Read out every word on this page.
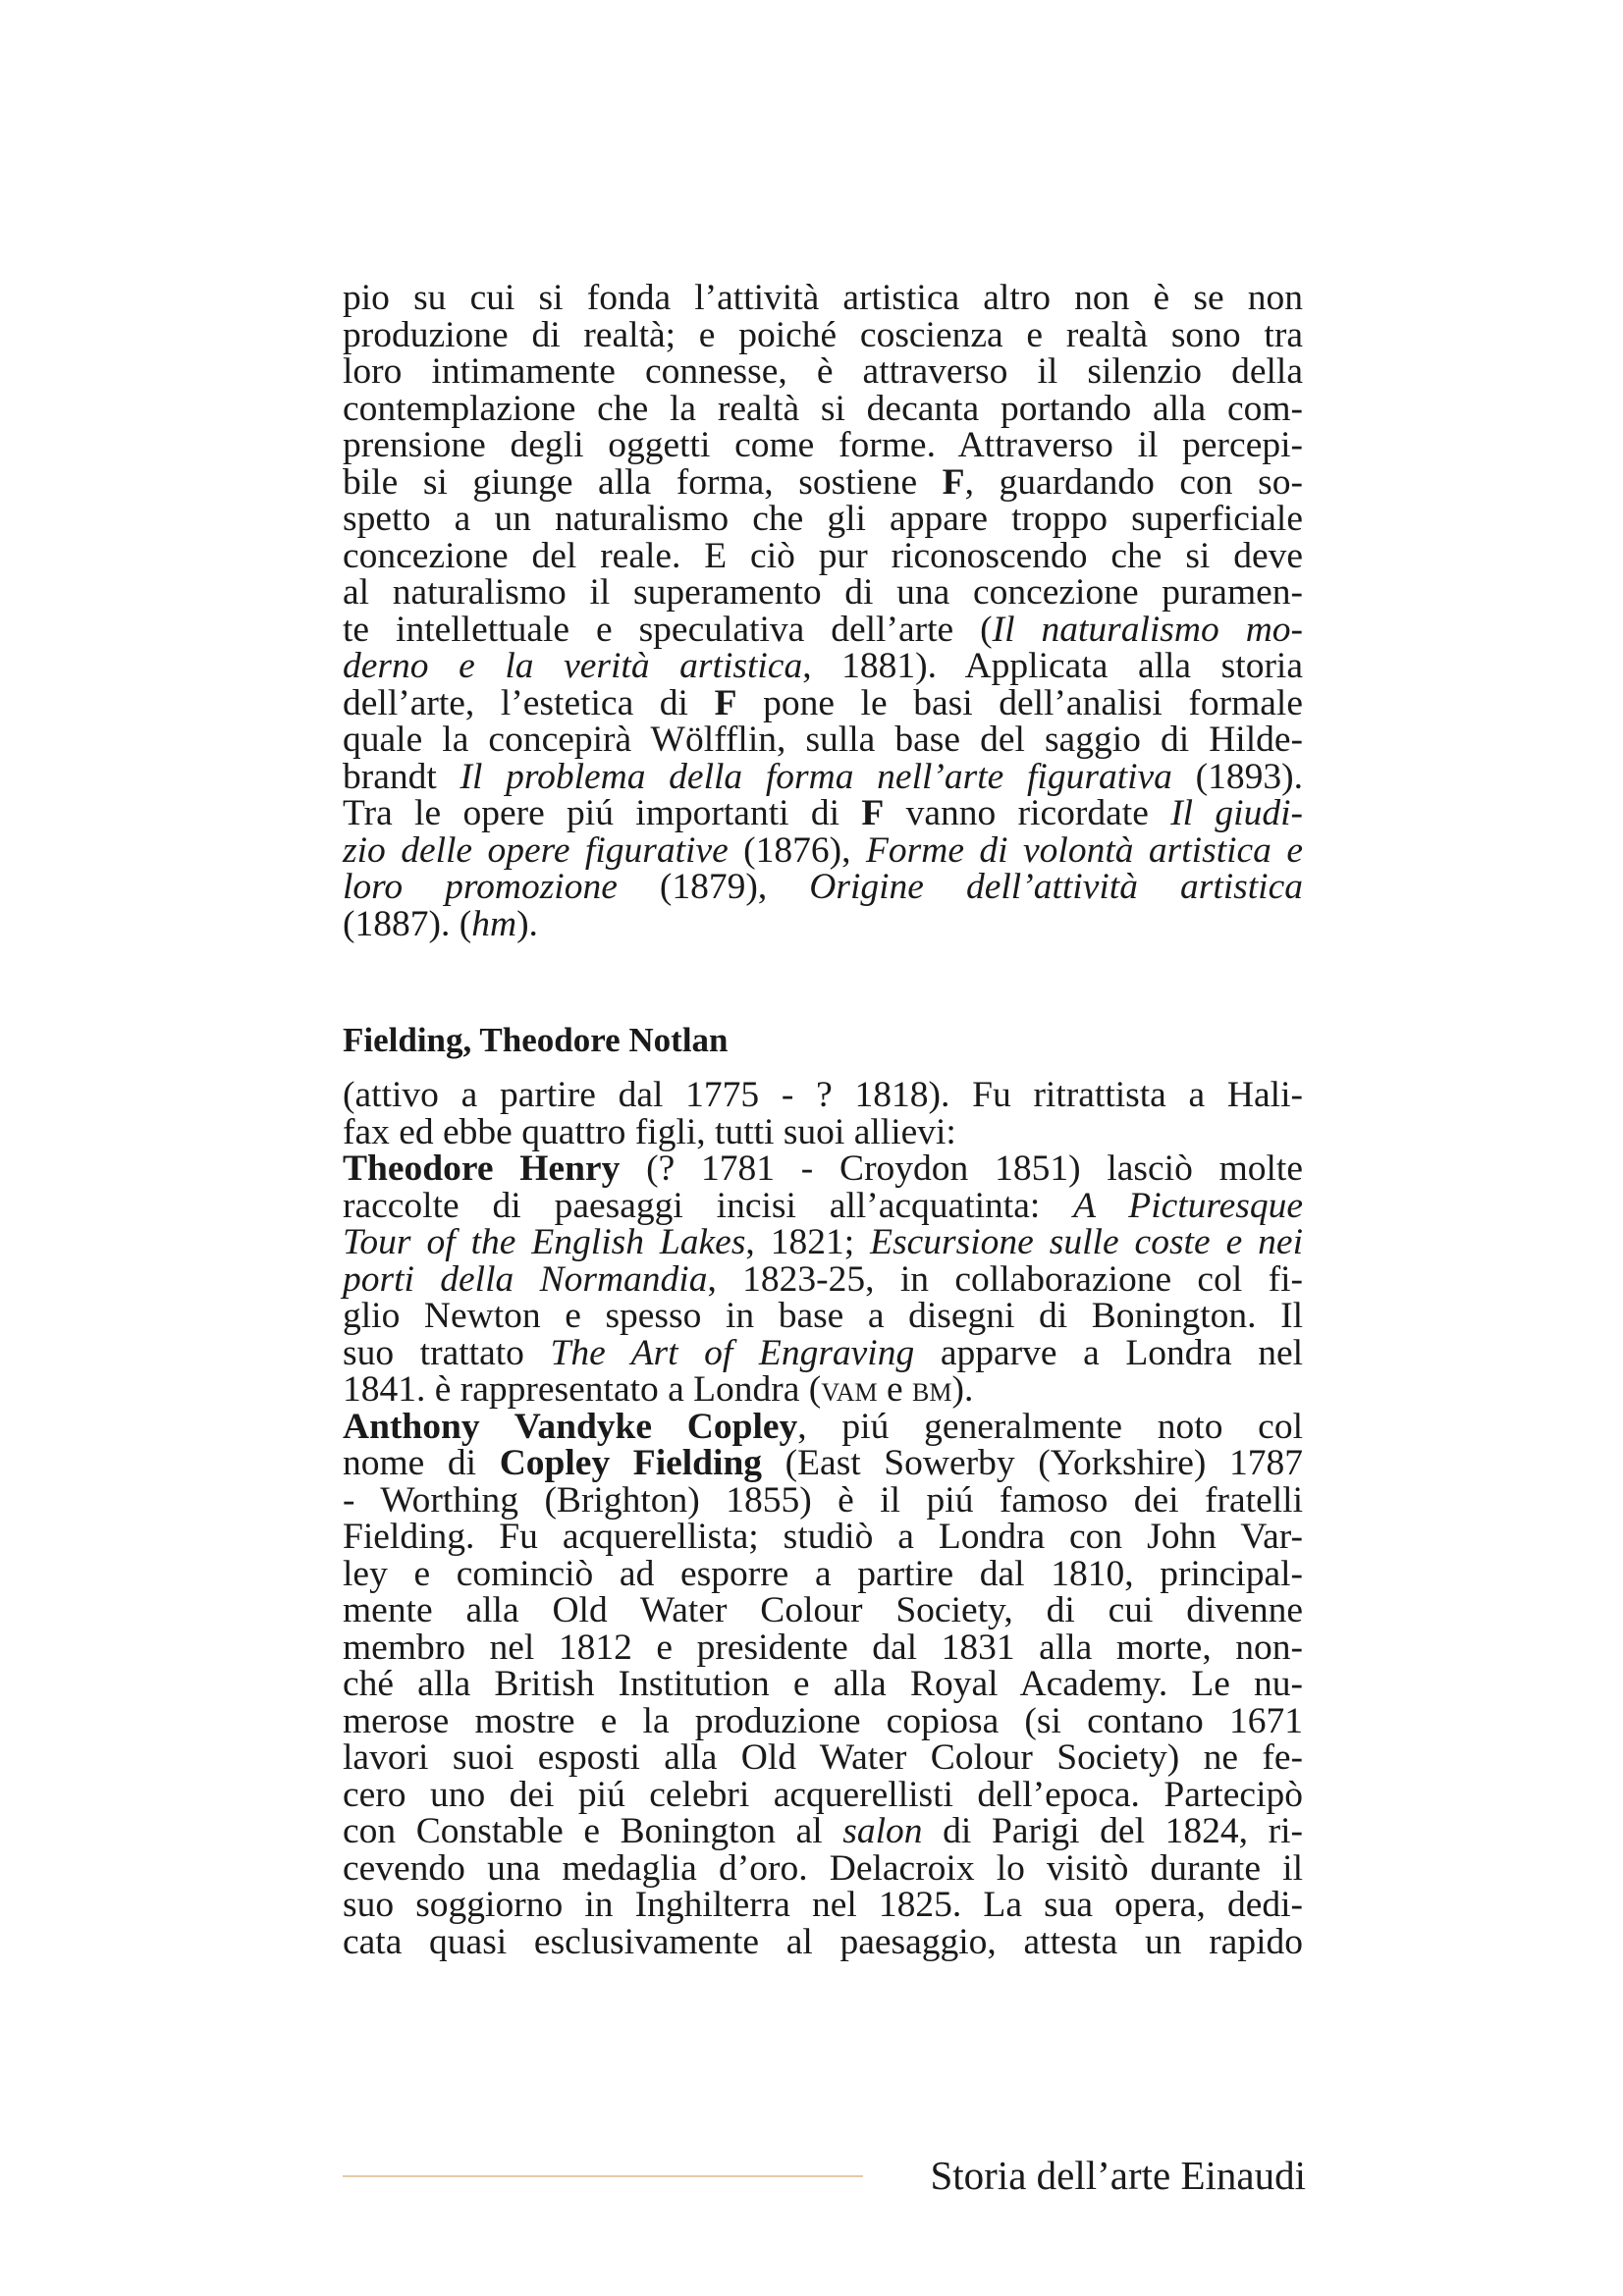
pio su cui si fonda l’attività artistica altro non è se non
produzione di realtà; e poiché coscienza e realtà sono tra
loro intimamente connesse, è attraverso il silenzio della
contemplazione che la realtà si decanta portando alla com-
prensione degli oggetti come forme. Attraverso il percepi-
bile si giunge alla forma, sostiene F, guardando con so-
spetto a un naturalismo che gli appare troppo superficiale
concezione del reale. E ciò pur riconoscendo che si deve
al naturalismo il superamento di una concezione puramen-
te intellettuale e speculativa dell’arte (Il naturalismo mo-
derno e la verità artistica, 1881). Applicata alla storia
dell’arte, l’estetica di F pone le basi dell’analisi formale
quale la concepirà Wölfflin, sulla base del saggio di Hilde-
brandt Il problema della forma nell’arte figurativa (1893).
Tra le opere piú importanti di F vanno ricordate Il giudi-
zio delle opere figurative (1876), Forme di volontà artistica e
loro promozione (1879), Origine dell’attività artistica
(1887). (hm).
Fielding, Theodore Notlan
(attivo a partire dal 1775 - ? 1818). Fu ritrattista a Hali-
fax ed ebbe quattro figli, tutti suoi allievi:
Theodore Henry (? 1781 - Croydon 1851) lasciò molte
raccolte di paesaggi incisi all’acquatinta: A Picturesque
Tour of the English Lakes, 1821; Escursione sulle coste e nei
porti della Normandia, 1823-25, in collaborazione col fi-
glio Newton e spesso in base a disegni di Bonington. Il
suo trattato The Art of Engraving apparve a Londra nel
1841. è rappresentato a Londra (vam e bm).
Anthony Vandyke Copley, piú generalmente noto col
nome di Copley Fielding (East Sowerby (Yorkshire) 1787
- Worthing (Brighton) 1855) è il piú famoso dei fratelli
Fielding. Fu acquerellista; studiò a Londra con John Var-
ley e cominciò ad esporre a partire dal 1810, principal-
mente alla Old Water Colour Society, di cui divenne
membro nel 1812 e presidente dal 1831 alla morte, non-
ché alla British Institution e alla Royal Academy. Le nu-
merose mostre e la produzione copiosa (si contano 1671
lavori suoi esposti alla Old Water Colour Society) ne fe-
cero uno dei piú celebri acquerellisti dell’epoca. Partecipò
con Constable e Bonington al salon di Parigi del 1824, ri-
cevendo una medaglia d’oro. Delacroix lo visitò durante il
suo soggiorno in Inghilterra nel 1825. La sua opera, dedi-
cata quasi esclusivamente al paesaggio, attesta un rapido
Storia dell’arte Einaudi
